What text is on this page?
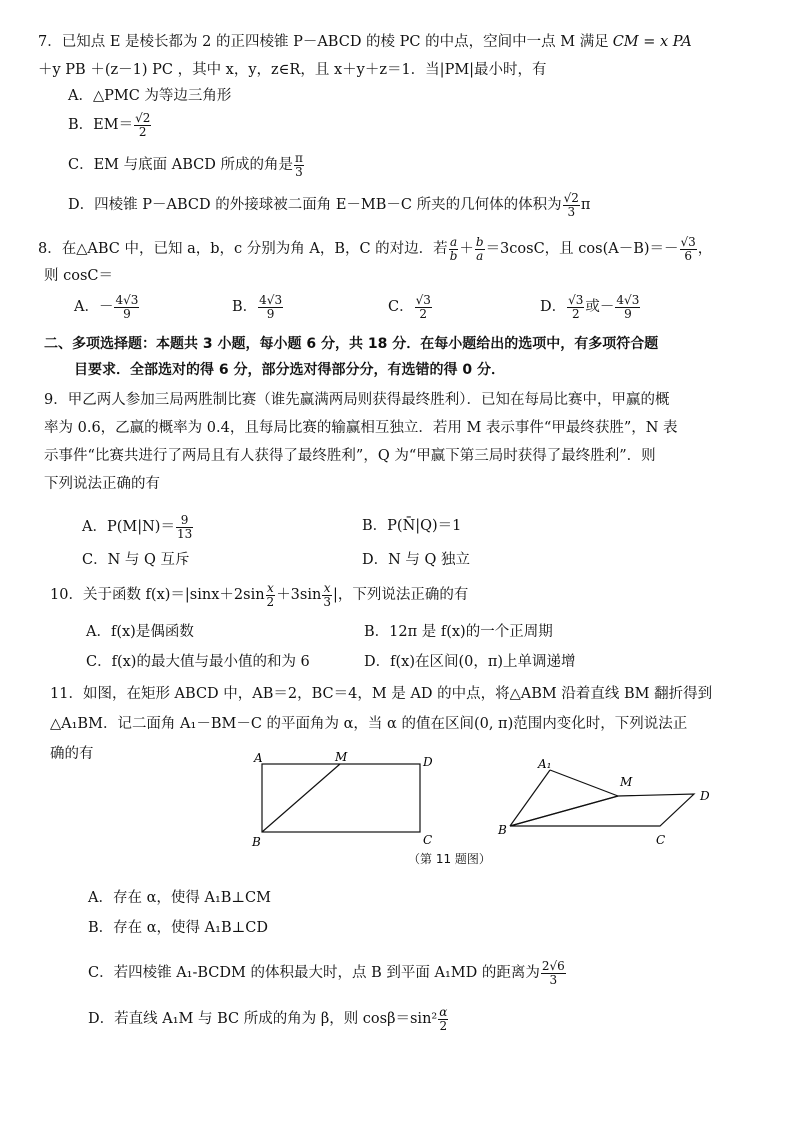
7．已知点 E 是棱长都为 2 的正四棱锥 P－ABCD 的棱 PC 的中点，空间中一点 M 满足 CM = x PA
＋y PB ＋(z－1) PC ，其中 x，y，z∈R，且 x＋y＋z＝1．当|PM|最小时，有
A．△PMC 为等边三角形
B．$EM= \frac{√2}{2}$
C．EM 与底面 ABCD 所成的角是 $\frac{\pi}{3}$
D．四棱锥 P－ABCD 的外接球被二面角 E－MB－C 所夹的几何体的体积为 $\frac{√2}{3}$ π
8．在△ABC 中，已知 a，b，c 分别为角 A，B，C 的对边．若 $\frac{a}{b} + \frac{b}{a} =3\cos C$，且 $\cos(A-B)=- \frac{√3}{6}$ ，
则 cosC＝
A．－ $\frac{4√3}{9}$	B． $\frac{4√3}{9}$	C． $\frac{√3}{2}$	D． $\frac{√3}{2}$ 或－ $\frac{4√3}{9}$
二、多项选择题：本题共 3 小题，每小题 6 分，共 18 分．在每小题给出的选项中，有多项符合题
目要求．全部选对的得 6 分，部分选对得部分分，有选错的得 0 分．
9．甲乙两人参加三局两胜制比赛（谁先赢满两局则获得最终胜利）．已知在每局比赛中，甲赢的概
率为 0.6，乙赢的概率为 0.4，且每局比赛的输赢相互独立．若用 M 表示事件“甲最终获胜”，N 表
示事件“比赛共进行了两局且有人获得了最终胜利”，Q 为“甲赢下第三局时获得了最终胜利”．则
下列说法正确的有
A．$P(M|N)= \frac{9}{13}$	B．P(N̄|Q)＝1
C．N 与 Q 互斥	D．N 与 Q 独立
10．关于函数 $f(x)=|\sin x+2\sin \frac{x}{2} +3\sin \frac{x}{3}$ |，下列说法正确的有
A．f(x)是偶函数	B．12π 是 f(x)的一个正周期
C．f(x)的最大值与最小值的和为 6	D．f(x)在区间(0，π)上单调递增
11．如图，在矩形 ABCD 中，AB＝2，BC＝4，M 是 AD 的中点，将△ABM 沿着直线 BM 翻折得到
△A₁BM．记二面角 A₁－BM－C 的平面角为 α，当 α 的值在区间(0, π)范围内变化时，下列说法正
确的有	A	M	D
B	C
A₁
M
D
B
C
（第 11 题图）
A．存在 α，使得 A₁B⊥CM
B．存在 α，使得 A₁B⊥CD
C．若四棱锥 A₁-BCDM 的体积最大时，点 B 到平面 A₁MD 的距离为 $\frac{2√6}{3}$
D．若直线 A₁M 与 BC 所成的角为 β，则 $\cos\beta=\sin^2 \frac{\alpha}{2}$
